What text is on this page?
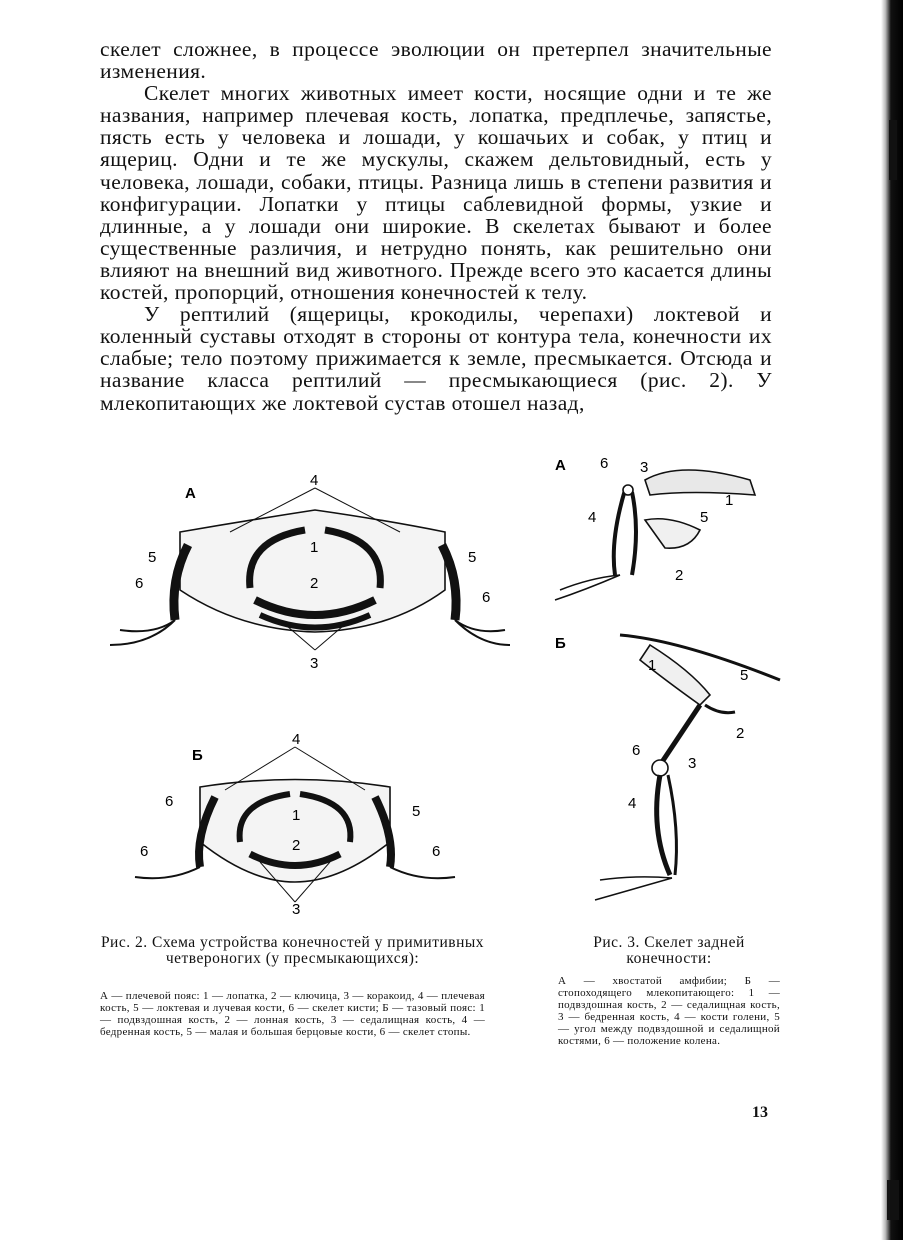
скелет сложнее, в процессе эволюции он претерпел значительные изменения.

Скелет многих животных имеет кости, носящие одни и те же названия, например плечевая кость, лопатка, предплечье, запястье, пясть есть у человека и лошади, у кошачьих и собак, у птиц и ящериц. Одни и те же мускулы, скажем дельтовидный, есть у человека, лошади, собаки, птицы. Разница лишь в степени развития и конфигурации. Лопатки у птицы саблевидной формы, узкие и длинные, а у лошади они широкие. В скелетах бывают и более существенные различия, и нетрудно понять, как решительно они влияют на внешний вид животного. Прежде всего это касается длины костей, пропорций, отношения конечностей к телу.

У рептилий (ящерицы, крокодилы, черепахи) локтевой и коленный суставы отходят в стороны от контура тела, конечности их слабые; тело поэтому прижимается к земле, пресмыкается. Отсюда и название класса рептилий — пресмыкающиеся (рис. 2). У млекопитающих же локтевой сустав отошел назад,

А
4
1
2
3
5	5
6
6
Б
4
1
2
3
6
5
6	6
А 6 3
1
4	5
2
Б
1
5
2
6
3
4
Рис. 2. Схема устройства конечностей у примитивных четвероногих (у пресмыкающихся):
А — плечевой пояс: 1 — лопатка, 2 — ключица, 3 — коракоид, 4 — плечевая кость, 5 — локтевая и лучевая кости, 6 — скелет кисти; Б — тазовый пояс: 1 — подвздошная кость, 2 — лонная кость, 3 — седалищная кость, 4 — бедренная кость, 5 — малая и большая берцовые кости, 6 — скелет стопы.
Рис. 3. Скелет задней конечности:
А — хвостатой амфибии; Б — стопоходящего млекопитающего: 1 — подвздошная кость, 2 — седалищная кость, 3 — бедренная кость, 4 — кости голени, 5 — угол между подвздошной и седалищной костями, 6 — положение колена.
13
